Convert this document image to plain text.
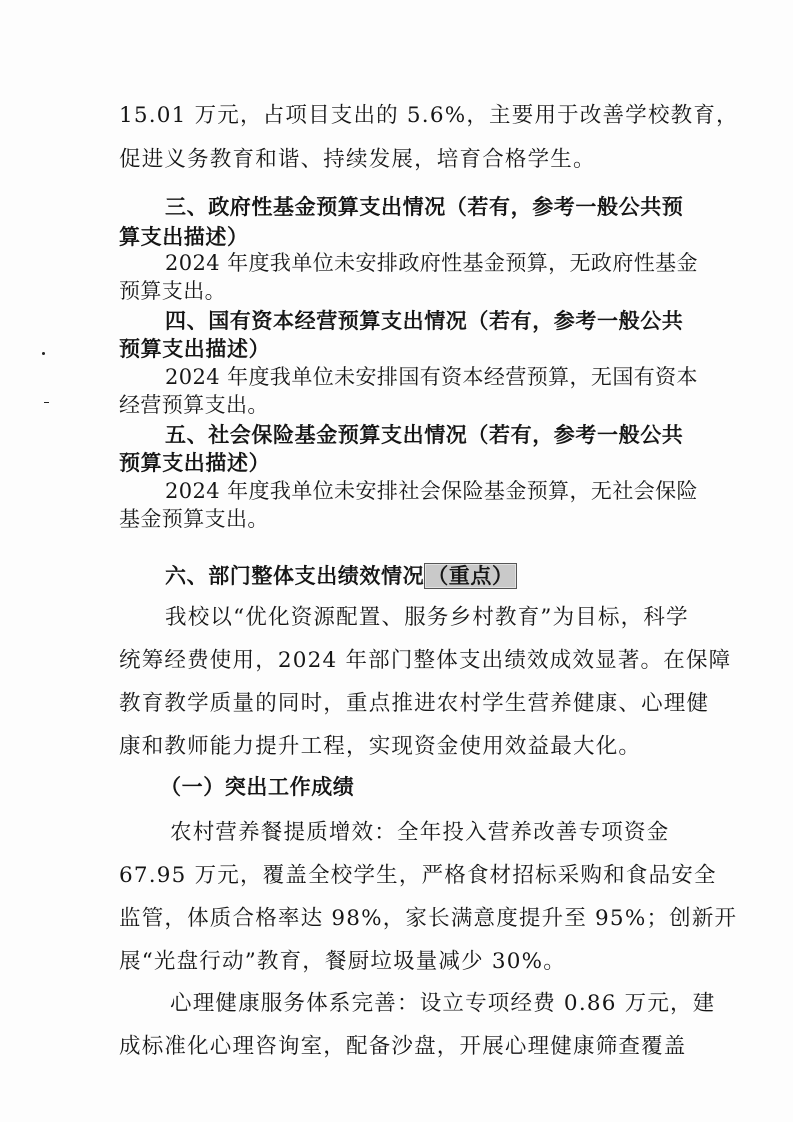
15.01 万元，占项目支出的 5.6%，主要用于改善学校教育，

促进义务教育和谐、持续发展，培育合格学生。

三、政府性基金预算支出情况（若有，参考一般公共预

算支出描述）

2024 年度我单位未安排政府性基金预算，无政府性基金

预算支出。

四、国有资本经营预算支出情况（若有，参考一般公共

预算支出描述）

2024 年度我单位未安排国有资本经营预算，无国有资本

经营预算支出。

五、社会保险基金预算支出情况（若有，参考一般公共

预算支出描述）

2024 年度我单位未安排社会保险基金预算，无社会保险

基金预算支出。

六、部门整体支出绩效情况 （重点）

我校以“优化资源配置、服务乡村教育”为目标，科学

统筹经费使用，2024 年部门整体支出绩效成效显著。在保障

教育教学质量的同时，重点推进农村学生营养健康、心理健

康和教师能力提升工程，实现资金使用效益最大化。

（一）突出工作成绩

农村营养餐提质增效：全年投入营养改善专项资金

67.95 万元，覆盖全校学生，严格食材招标采购和食品安全

监管，体质合格率达 98%，家长满意度提升至 95%；创新开

展“光盘行动”教育，餐厨垃圾量减少 30%。

心理健康服务体系完善：设立专项经费 0.86 万元，建

成标准化心理咨询室，配备沙盘，开展心理健康筛查覆盖
